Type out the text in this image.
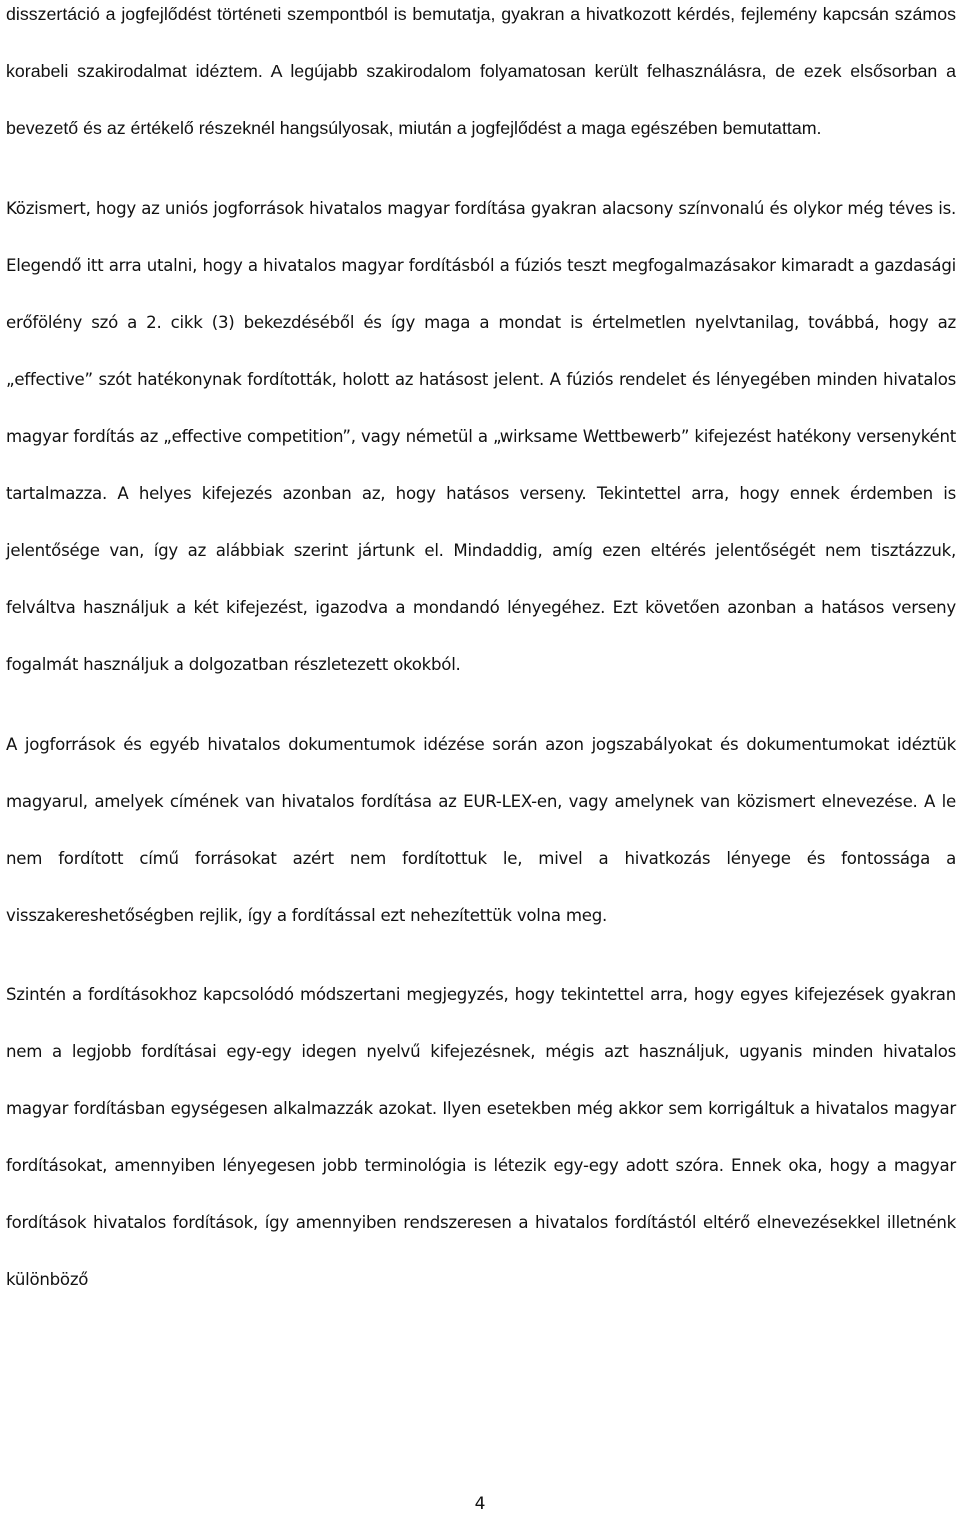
disszertáció a jogfejlődést történeti szempontból is bemutatja, gyakran a hivatkozott kérdés, fejlemény kapcsán számos korabeli szakirodalmat idéztem. A legújabb szakirodalom folyamatosan került felhasználásra, de ezek elsősorban a bevezető és az értékelő részeknél hangsúlyosak, miután a jogfejlődést a maga egészében bemutattam.

Közismert, hogy az uniós jogforrások hivatalos magyar fordítása gyakran alacsony színvonalú és olykor még téves is. Elegendő itt arra utalni, hogy a hivatalos magyar fordításból a fúziós teszt megfogalmazásakor kimaradt a gazdasági erőfölény szó a 2. cikk (3) bekezdéséből és így maga a mondat is értelmetlen nyelvtanilag, továbbá, hogy az „effective” szót hatékonynak fordították, holott az hatásost jelent. A fúziós rendelet és lényegében minden hivatalos magyar fordítás az „effective competition”, vagy németül a „wirksame Wettbewerb” kifejezést hatékony versenyként tartalmazza. A helyes kifejezés azonban az, hogy hatásos verseny. Tekintettel arra, hogy ennek érdemben is jelentősége van, így az alábbiak szerint jártunk el. Mindaddig, amíg ezen eltérés jelentőségét nem tisztázzuk, felváltva használjuk a két kifejezést, igazodva a mondandó lényegéhez. Ezt követően azonban a hatásos verseny fogalmát használjuk a dolgozatban részletezett okokból.

A jogforrások és egyéb hivatalos dokumentumok idézése során azon jogszabályokat és dokumentumokat idéztük magyarul, amelyek címének van hivatalos fordítása az EUR-LEX-en, vagy amelynek van közismert elnevezése. A le nem fordított című forrásokat azért nem fordítottuk le, mivel a hivatkozás lényege és fontossága a visszakereshetőségben rejlik, így a fordítással ezt nehezítettük volna meg.

Szintén a fordításokhoz kapcsolódó módszertani megjegyzés, hogy tekintettel arra, hogy egyes kifejezések gyakran nem a legjobb fordításai egy-egy idegen nyelvű kifejezésnek, mégis azt használjuk, ugyanis minden hivatalos magyar fordításban egységesen alkalmazzák azokat. Ilyen esetekben még akkor sem korrigáltuk a hivatalos magyar fordításokat, amennyiben lényegesen jobb terminológia is létezik egy-egy adott szóra. Ennek oka, hogy a magyar fordítások hivatalos fordítások, így amennyiben rendszeresen a hivatalos fordítástól eltérő elnevezésekkel illetnénk különböző

4
